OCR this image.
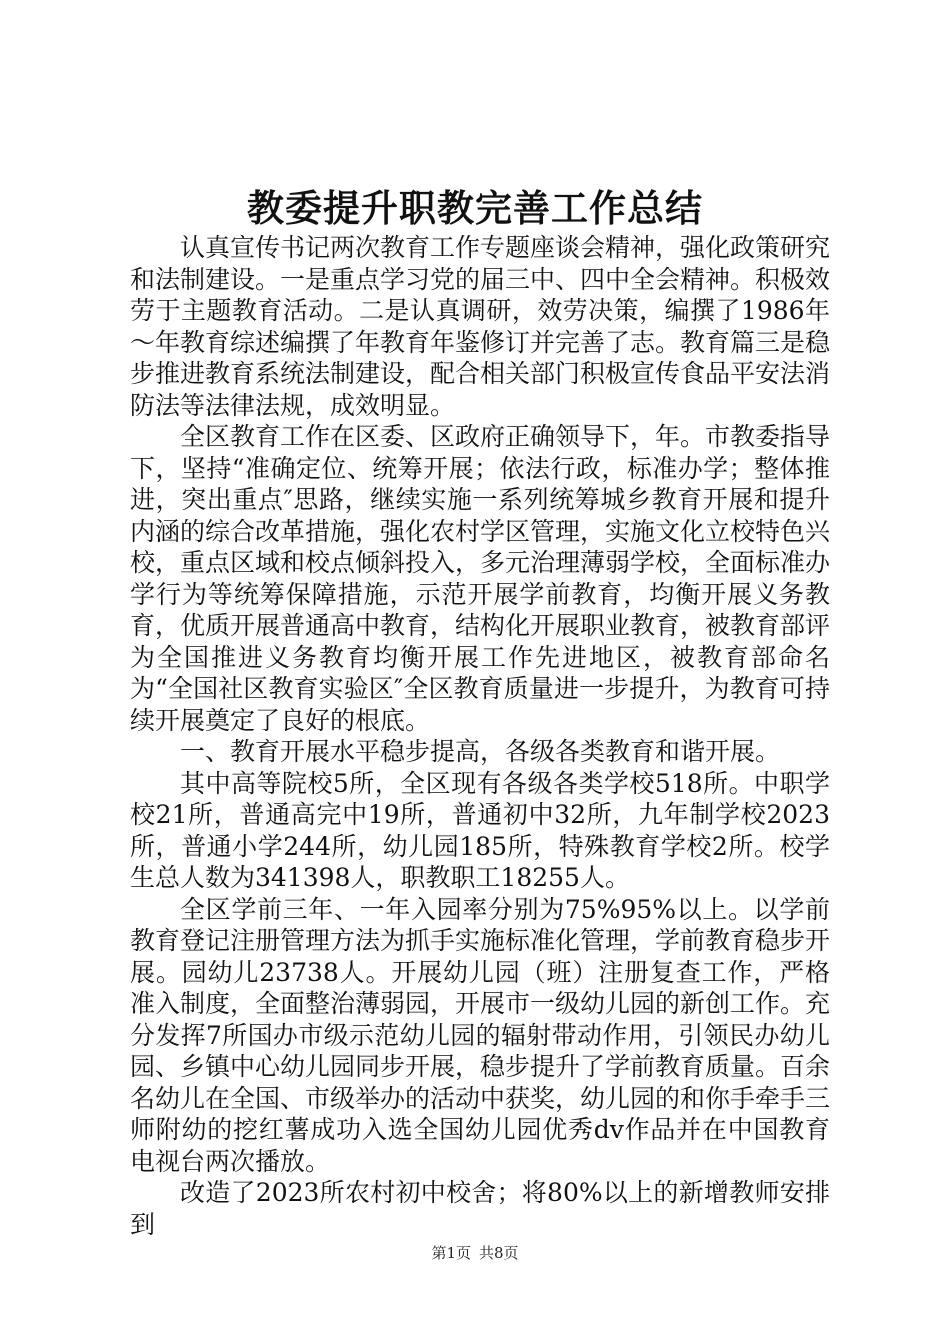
教委提升职教完善工作总结

认真宣传书记两次教育工作专题座谈会精神，强化政策研究和法制建设。一是重点学习党的届三中、四中全会精神。积极效劳于主题教育活动。二是认真调研，效劳决策，编撰了1986年～年教育综述编撰了年教育年鉴修订并完善了志。教育篇三是稳步推进教育系统法制建设，配合相关部门积极宣传食品平安法消防法等法律法规，成效明显。

全区教育工作在区委、区政府正确领导下，年。市教委指导下，坚持“准确定位、统筹开展；依法行政，标准办学；整体推进，突出重点″思路，继续实施一系列统筹城乡教育开展和提升内涵的综合改革措施，强化农村学区管理，实施文化立校特色兴校，重点区域和校点倾斜投入，多元治理薄弱学校，全面标准办学行为等统筹保障措施，示范开展学前教育，均衡开展义务教育，优质开展普通高中教育，结构化开展职业教育，被教育部评为全国推进义务教育均衡开展工作先进地区，被教育部命名为“全国社区教育实验区″全区教育质量进一步提升，为教育可持续开展奠定了良好的根底。

一、教育开展水平稳步提高，各级各类教育和谐开展。

其中高等院校5所，全区现有各级各类学校518所。中职学校21所，普通高完中19所，普通初中32所，九年制学校2023所，普通小学244所，幼儿园185所，特殊教育学校2所。校学生总人数为341398人，职教职工18255人。

全区学前三年、一年入园率分别为75%95%以上。以学前教育登记注册管理方法为抓手实施标准化管理，学前教育稳步开展。园幼儿23738人。开展幼儿园（班）注册复查工作，严格准入制度，全面整治薄弱园，开展市一级幼儿园的新创工作。充分发挥7所国办市级示范幼儿园的辐射带动作用，引领民办幼儿园、乡镇中心幼儿园同步开展，稳步提升了学前教育质量。百余名幼儿在全国、市级举办的活动中获奖，幼儿园的和你手牵手三师附幼的挖红薯成功入选全国幼儿园优秀dv作品并在中国教育电视台两次播放。

改造了2023所农村初中校舍；将80%以上的新增教师安排到

第1页 共8页
